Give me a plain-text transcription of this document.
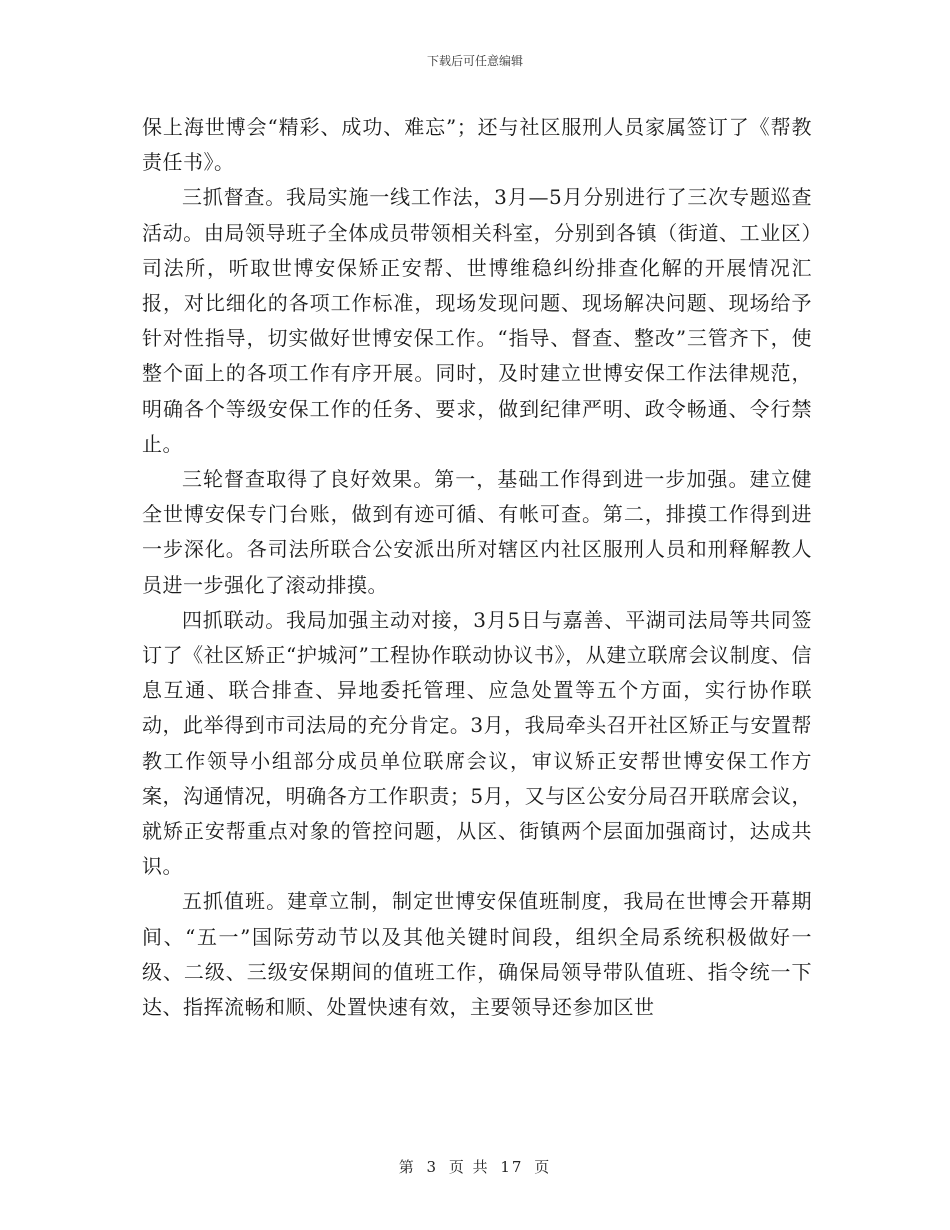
下载后可任意编辑

保上海世博会“精彩、成功、难忘”；还与社区服刑人员家属签订了《帮教责任书》。

三抓督查。我局实施一线工作法，3月—5月分别进行了三次专题巡查活动。由局领导班子全体成员带领相关科室，分别到各镇（街道、工业区）司法所，听取世博安保矫正安帮、世博维稳纠纷排查化解的开展情况汇报，对比细化的各项工作标准，现场发现问题、现场解决问题、现场给予针对性指导，切实做好世博安保工作。“指导、督查、整改”三管齐下，使整个面上的各项工作有序开展。同时，及时建立世博安保工作法律规范，明确各个等级安保工作的任务、要求，做到纪律严明、政令畅通、令行禁止。

三轮督查取得了良好效果。第一，基础工作得到进一步加强。建立健全世博安保专门台账，做到有迹可循、有帐可查。第二，排摸工作得到进一步深化。各司法所联合公安派出所对辖区内社区服刑人员和刑释解教人员进一步强化了滚动排摸。

四抓联动。我局加强主动对接，3月5日与嘉善、平湖司法局等共同签订了《社区矫正“护城河”工程协作联动协议书》，从建立联席会议制度、信息互通、联合排查、异地委托管理、应急处置等五个方面，实行协作联动，此举得到市司法局的充分肯定。3月，我局牵头召开社区矫正与安置帮教工作领导小组部分成员单位联席会议，审议矫正安帮世博安保工作方案，沟通情况，明确各方工作职责；5月，又与区公安分局召开联席会议，就矫正安帮重点对象的管控问题，从区、街镇两个层面加强商讨，达成共识。

五抓值班。建章立制，制定世博安保值班制度，我局在世博会开幕期间、“五一”国际劳动节以及其他关键时间段，组织全局系统积极做好一级、二级、三级安保期间的值班工作，确保局领导带队值班、指令统一下达、指挥流畅和顺、处置快速有效，主要领导还参加区世

第 3 页 共 17 页
